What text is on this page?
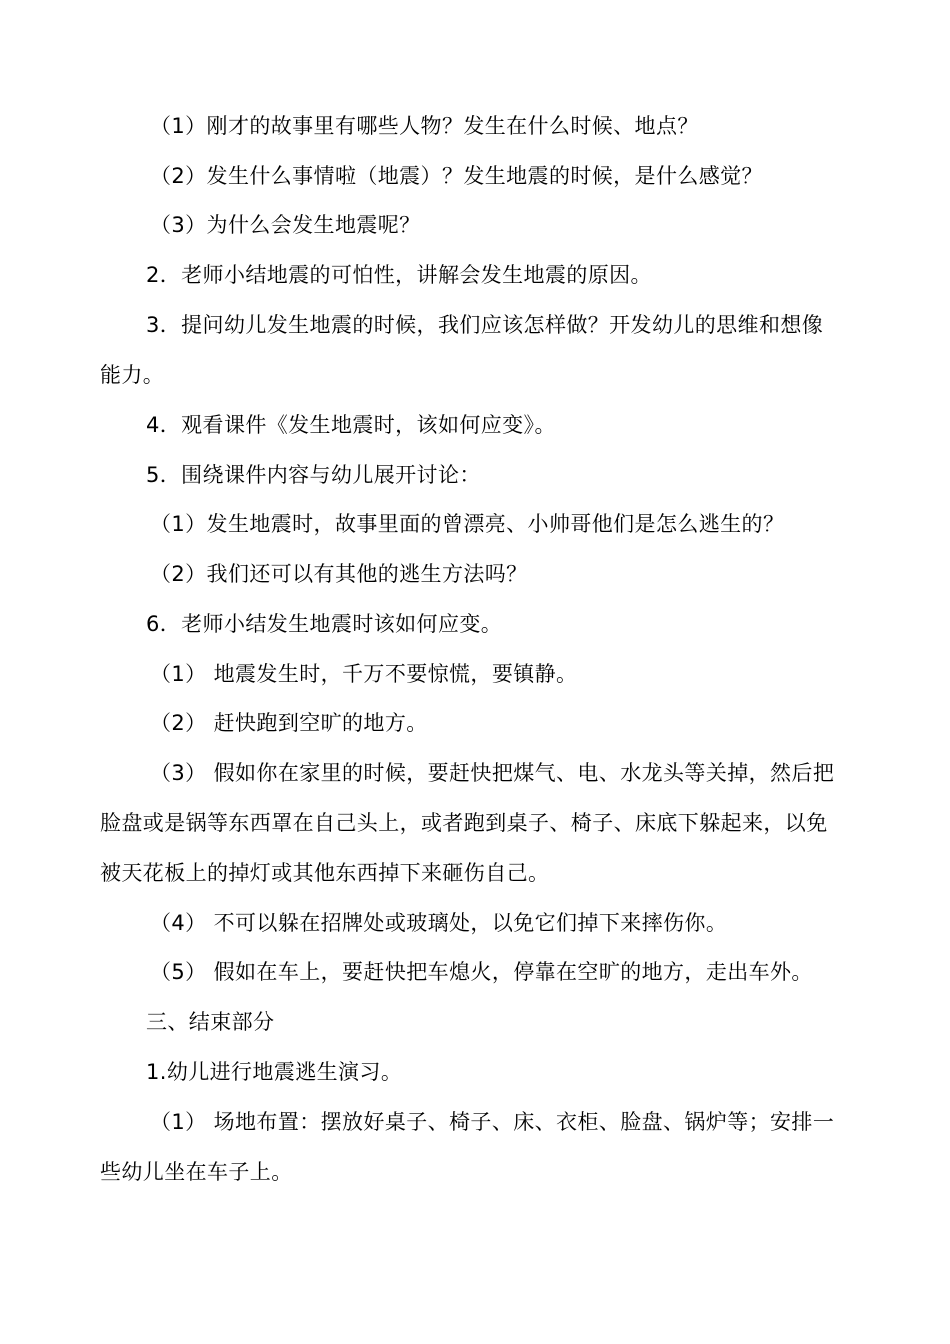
（1）刚才的故事里有哪些人物？发生在什么时候、地点？
（2）发生什么事情啦（地震）？发生地震的时候，是什么感觉？
（3）为什么会发生地震呢？
2．老师小结地震的可怕性，讲解会发生地震的原因。
3．提问幼儿发生地震的时候，我们应该怎样做？开发幼儿的思维和想像
能力。
4．观看课件《发生地震时，该如何应变》。
5．围绕课件内容与幼儿展开讨论：
（1）发生地震时，故事里面的曾漂亮、小帅哥他们是怎么逃生的？
（2）我们还可以有其他的逃生方法吗？
6．老师小结发生地震时该如何应变。
（1） 地震发生时，千万不要惊慌，要镇静。
（2） 赶快跑到空旷的地方。
（3） 假如你在家里的时候，要赶快把煤气、电、水龙头等关掉，然后把
脸盘或是锅等东西罩在自己头上，或者跑到桌子、椅子、床底下躲起来，以免
被天花板上的掉灯或其他东西掉下来砸伤自己。
（4） 不可以躲在招牌处或玻璃处，以免它们掉下来摔伤你。
（5） 假如在车上，要赶快把车熄火，停靠在空旷的地方，走出车外。
三、结束部分
1.幼儿进行地震逃生演习。
（1） 场地布置：摆放好桌子、椅子、床、衣柜、脸盘、锅炉等；安排一
些幼儿坐在车子上。
